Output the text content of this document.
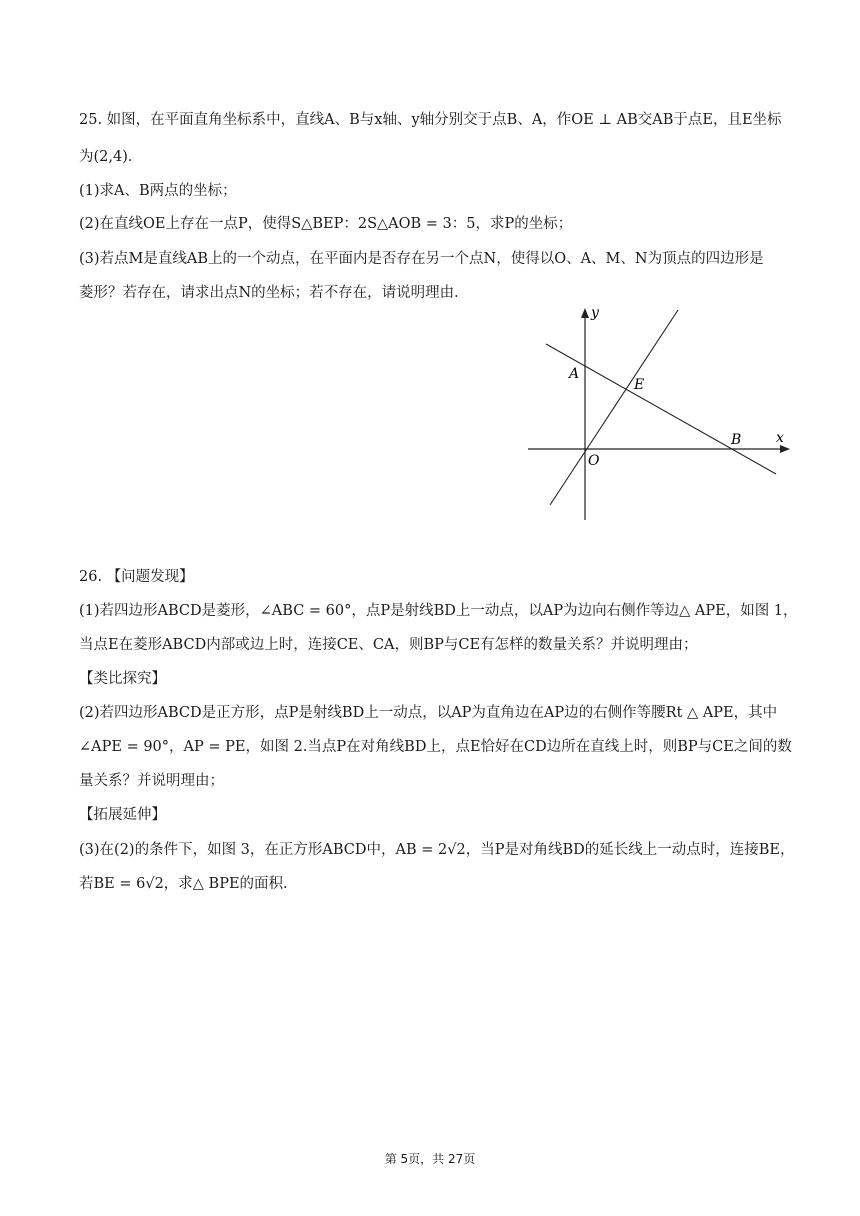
25. 如图，在平面直角坐标系中，直线A、B与x轴、y轴分别交于点B、A，作OE ⊥ AB交AB于点E，且E坐标
为(2,4)．
(1)求A、B两点的坐标；
(2)在直线OE上存在一点P，使得S△BEP：2S△AOB = 3：5，求P的坐标；
(3)若点M是直线AB上的一个动点，在平面内是否存在另一个点N，使得以O、A、M、N为顶点的四边形是
菱形？若存在，请求出点N的坐标；若不存在，请说明理由．
y
x
A
E
B
O
26. 【问题发现】
(1)若四边形ABCD是菱形，∠ABC = 60°，点P是射线BD上一动点，以AP为边向右侧作等边△ APE，如图 1，
当点E在菱形ABCD内部或边上时，连接CE、CA，则BP与CE有怎样的数量关系？并说明理由；
【类比探究】
(2)若四边形ABCD是正方形，点P是射线BD上一动点，以AP为直角边在AP边的右侧作等腰Rt △ APE，其中
∠APE = 90°，AP = PE，如图 2.当点P在对角线BD上，点E恰好在CD边所在直线上时，则BP与CE之间的数
量关系？并说明理由；
【拓展延伸】
(3)在(2)的条件下，如图 3，在正方形ABCD中，AB = 2√2，当P是对角线BD的延长线上一动点时，连接BE，
若BE = 6√2，求△ BPE的面积.
第 5页，共 27页
